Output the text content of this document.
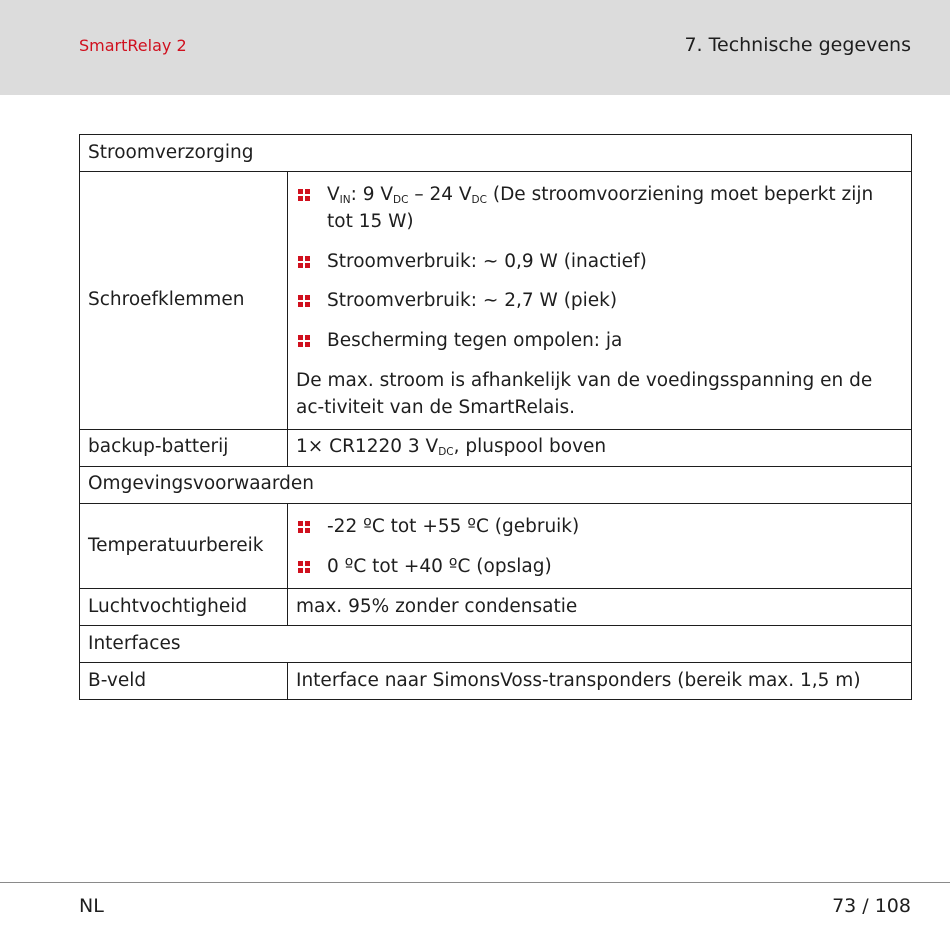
SmartRelay 2	7. Technische gegevens
Stroomverzorging	
Schroefklemmen	$V_{IN}$: 9 $V_{DC} - 24$ $V_{DC}$ (De stroomvoorziening moet beperkt zijn tot 15 W)
Stroomverbruik: ~ 0,9 W (inactief)
Stroomverbruik: ~ 2,7 W (piek)
Bescherming tegen ompolen: ja
De max. stroom is afhankelijk van de voedingsspanning en de ac-tiviteit van de SmartRelais.

backup-batterij	1× CR1220 3 $V_{DC}$, pluspool boven
Omgevingsvoorwaarden	
Temperatuurbereik	-22 ºC tot +55 ºC (gebruik)
0 ºC tot +40 ºC (opslag)

Luchtvochtigheid	max. 95% zonder condensatie
Interfaces	
B-veld	Interface naar SimonsVoss-transponders (bereik max. 1,5 m)
NL	73 / 108
